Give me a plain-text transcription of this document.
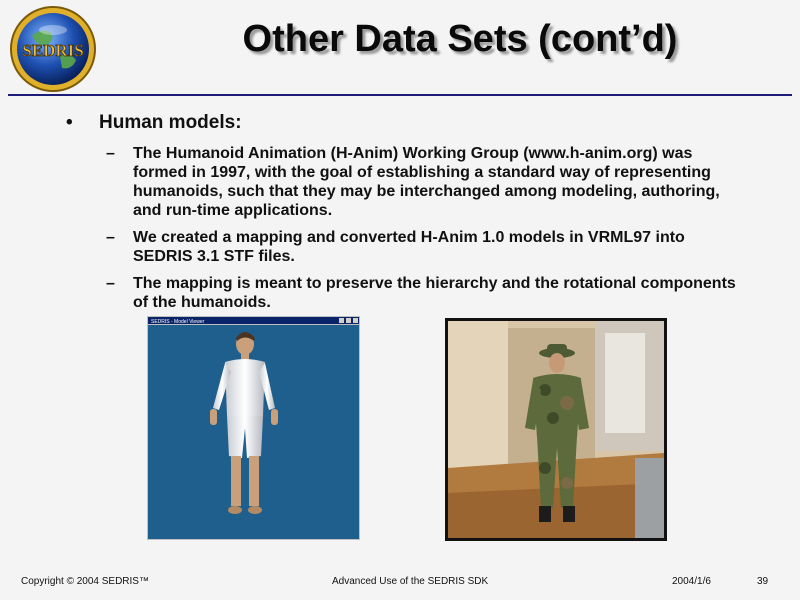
SEDRIS	Other Data Sets (cont’d)
•	Human models:
–	The Humanoid Animation (H-Anim) Working Group (www.h-anim.org) was formed in 1997, with the goal of establishing a standard way of representing humanoids, such that they may be interchanged among modeling, authoring, and run-time applications.
–	We created a mapping and converted H-Anim 1.0 models in VRML97 into SEDRIS 3.1 STF files.
–	The mapping is meant to preserve the hierarchy and the rotational components of the humanoids.
SEDRIS - Model Viewer
Copyright © 2004 SEDRIS™	Advanced Use of the SEDRIS SDK	2004/1/6	39
